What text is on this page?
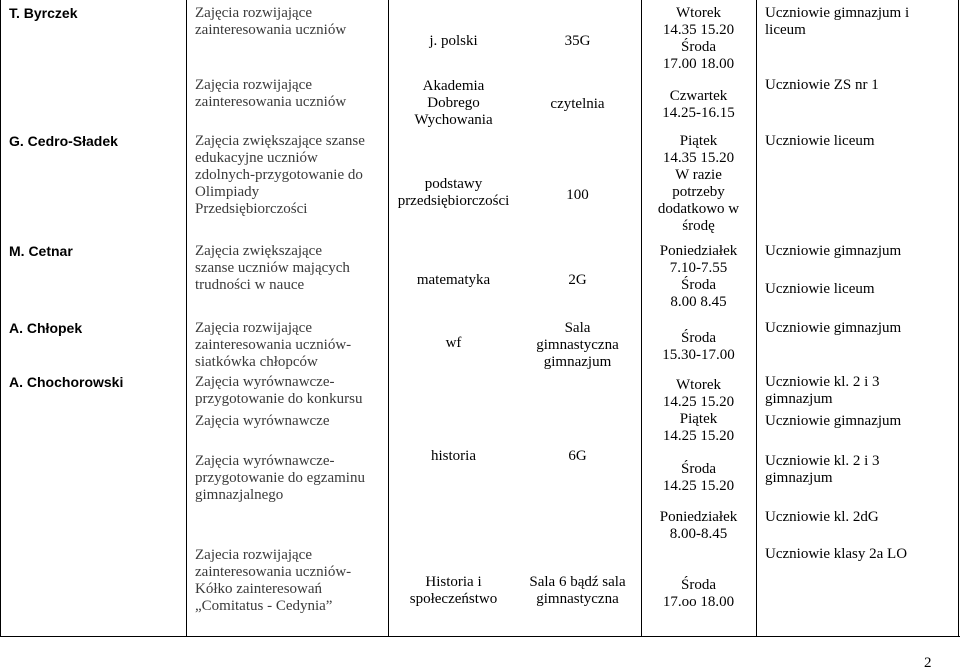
T. Byrczek
G. Cedro-Sładek
M. Cetnar
A. Chłopek
A. Chochorowski
Zajęcia rozwijające
zainteresowania uczniów
Zajęcia rozwijające
zainteresowania uczniów
Zajęcia zwiększające szanse
edukacyjne uczniów
zdolnych-przygotowanie do
Olimpiady
Przedsiębiorczości
Zajęcia zwiększające
szanse uczniów mających
trudności w nauce
Zajęcia rozwijające
zainteresowania uczniów-
siatkówka chłopców
Zajęcia wyrównawcze-
przygotowanie do konkursu
Zajęcia wyrównawcze
Zajęcia wyrównawcze-
przygotowanie do egzaminu
gimnazjalnego
Zajecia rozwijające
zainteresowania uczniów-
Kółko zainteresowań
„Comitatus - Cedynia”
j. polski
Akademia
Dobrego
Wychowania
podstawy
przedsiębiorczości
matematyka
wf
historia
Historia i
społeczeństwo
35G
czytelnia
100
2G
Sala
gimnastyczna
gimnazjum
6G
Sala 6 bądź sala
gimnastyczna
Wtorek
14.35 15.20
Środa
17.00 18.00
Czwartek
14.25-16.15
Piątek
14.35 15.20
W razie
potrzeby
dodatkowo w
środę
Poniedziałek
7.10-7.55
Środa
8.00 8.45
Środa
15.30-17.00
Wtorek
14.25 15.20
Piątek
14.25 15.20
Środa
14.25 15.20
Poniedziałek
8.00-8.45
Środa
17.oo 18.00
Uczniowie gimnazjum i
liceum
Uczniowie ZS nr 1
Uczniowie liceum
Uczniowie gimnazjum
Uczniowie liceum
Uczniowie gimnazjum
Uczniowie kl. 2 i 3
gimnazjum
Uczniowie gimnazjum
Uczniowie kl. 2 i 3
gimnazjum
Uczniowie kl. 2dG
Uczniowie klasy 2a LO
2
